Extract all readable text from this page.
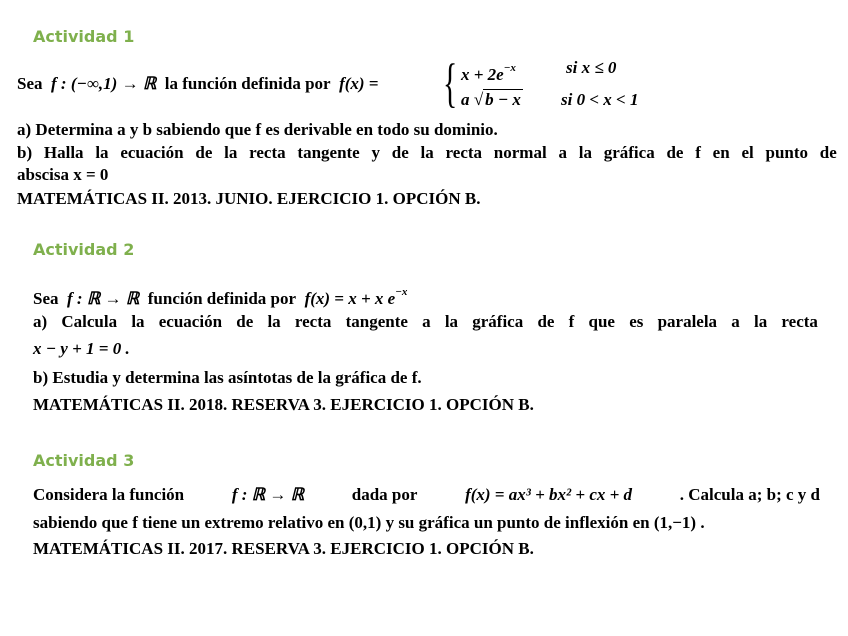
Actividad 1
Sea f : (−∞,1) → ℝ la función definida por f(x) = { $x + 2e^{-x}$	si x ≤ 0
a √ b − x si 0 < x < 1
a) Determina a y b sabiendo que f es derivable en todo su dominio.
b) Halla la ecuación de la recta tangente y de la recta normal a la gráfica de f en el punto de
abscisa x = 0
MATEMÁTICAS II. 2013. JUNIO. EJERCICIO 1. OPCIÓN B.
Actividad 2
Sea f : ℝ → ℝ función definida por f(x) = x + x $e^{-x}$
a) Calcula la ecuación de la recta tangente a la gráfica de f que es paralela a la recta
x − y + 1 = 0 .
b) Estudia y determina las asíntotas de la gráfica de f.
MATEMÁTICAS II. 2018. RESERVA 3. EJERCICIO 1. OPCIÓN B.
Actividad 3
Considera la función	f : ℝ → ℝ	dada por	f(x) = ax³ + bx² + cx + d	. Calcula a; b; c y d
sabiendo que f tiene un extremo relativo en (0,1) y su gráfica un punto de inflexión en (1,−1) .
MATEMÁTICAS II. 2017. RESERVA 3. EJERCICIO 1. OPCIÓN B.
